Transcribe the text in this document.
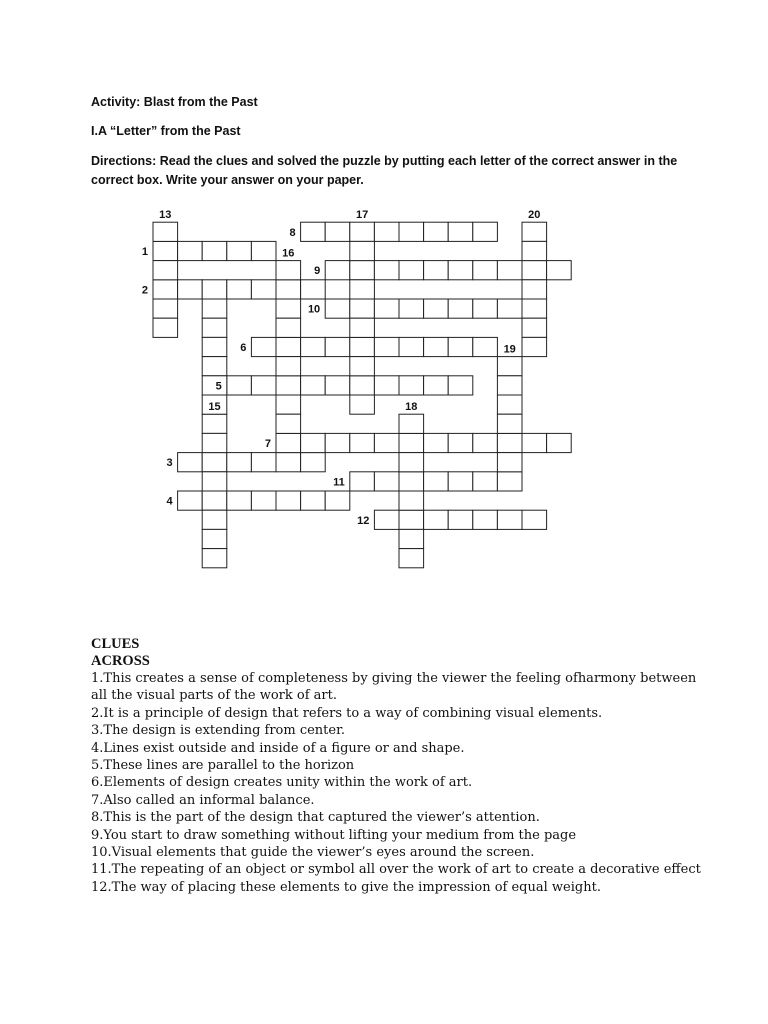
Activity: Blast from the Past
I.A “Letter” from the Past
Directions: Read the clues and solved the puzzle by putting each letter of the correct answer in the correct box. Write your answer on your paper.
1
2
3
4
5
6
7
8
9
10
11
12
13
15
16
17
18
19
20
CLUES
ACROSS

1.This creates a sense of completeness by giving the viewer the feeling ofharmony between all the visual parts of the work of art.

2.It is a principle of design that refers to a way of combining visual elements.

3.The design is extending from center.

4.Lines exist outside and inside of a figure or and shape.

5.These lines are parallel to the horizon

6.Elements of design creates unity within the work of art.

7.Also called an informal balance.

8.This is the part of the design that captured the viewer’s attention.

9.You start to draw something without lifting your medium from the page

10.Visual elements that guide the viewer’s eyes around the screen.

11.The repeating of an object or symbol all over the work of art to create a decorative effect

12.The way of placing these elements to give the impression of equal weight.
